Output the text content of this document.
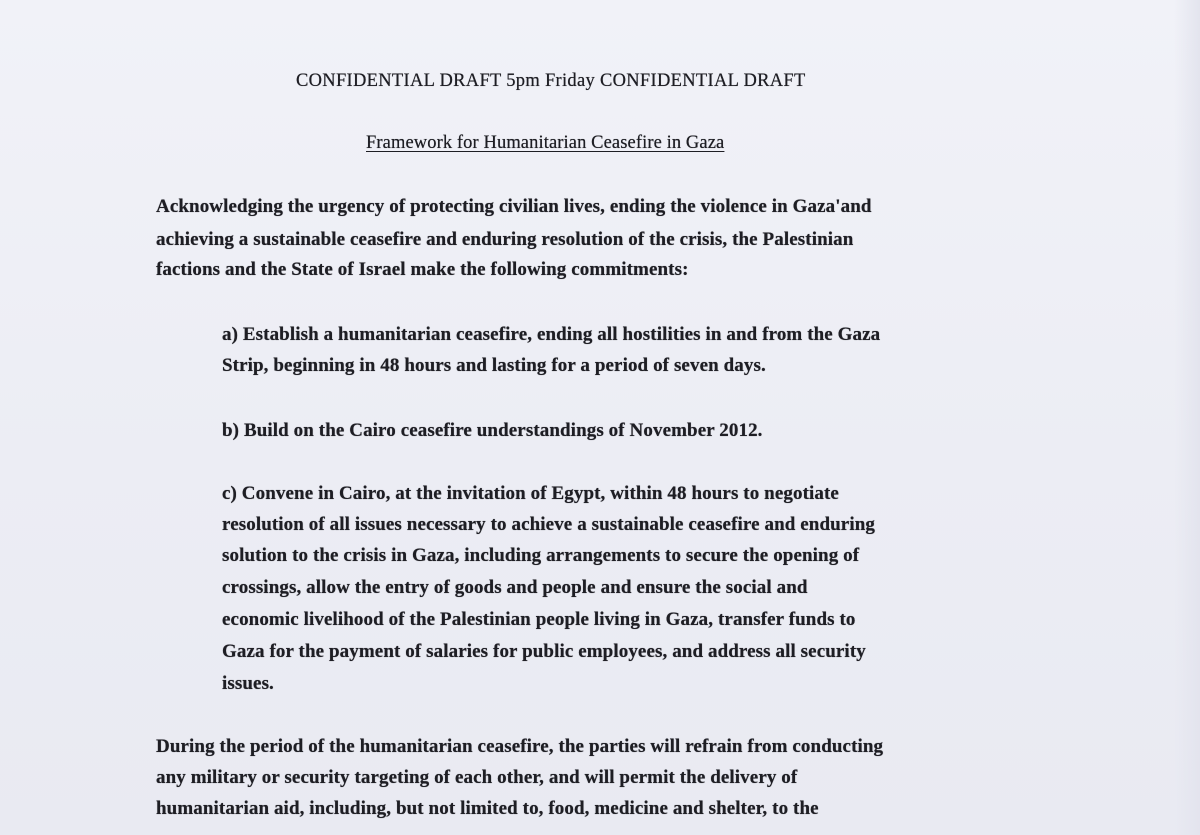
CONFIDENTIAL DRAFT 5pm Friday CONFIDENTIAL DRAFT

Framework for Humanitarian Ceasefire in Gaza

Acknowledging the urgency of protecting civilian lives, ending the violence in Gaza'and

achieving a sustainable ceasefire and enduring resolution of the crisis, the Palestinian

factions and the State of Israel make the following commitments:

a) Establish a humanitarian ceasefire, ending all hostilities in and from the Gaza

Strip, beginning in 48 hours and lasting for a period of seven days.

b) Build on the Cairo ceasefire understandings of November 2012.

c) Convene in Cairo, at the invitation of Egypt, within 48 hours to negotiate

resolution of all issues necessary to achieve a sustainable ceasefire and enduring

solution to the crisis in Gaza, including arrangements to secure the opening of

crossings, allow the entry of goods and people and ensure the social and

economic livelihood of the Palestinian people living in Gaza, transfer funds to

Gaza for the payment of salaries for public employees, and address all security

issues.

During the period of the humanitarian ceasefire, the parties will refrain from conducting

any military or security targeting of each other, and will permit the delivery of

humanitarian aid, including, but not limited to, food, medicine and shelter, to the
